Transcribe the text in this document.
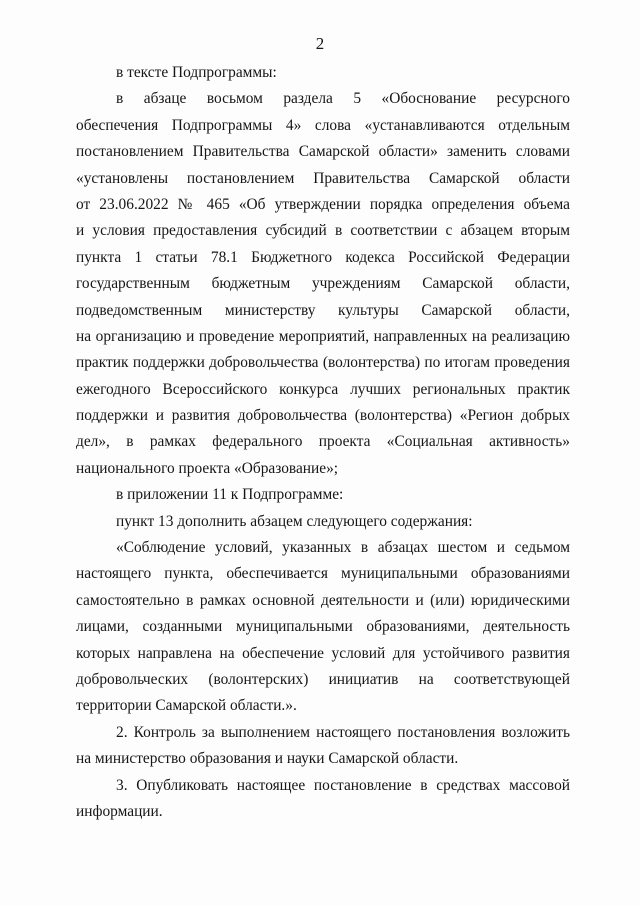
2
в тексте Подпрограммы:
в абзаце восьмом раздела 5 «Обоснование ресурсного
обеспечения Подпрограммы 4» слова «устанавливаются отдельным
постановлением Правительства Самарской области» заменить словами
«установлены постановлением Правительства Самарской области
от 23.06.2022 № 465 «Об утверждении порядка определения объема
и условия предоставления субсидий в соответствии с абзацем вторым
пункта 1 статьи 78.1 Бюджетного кодекса Российской Федерации
государственным бюджетным учреждениям Самарской области,
подведомственным министерству культуры Самарской области,
на организацию и проведение мероприятий, направленных на реализацию
практик поддержки добровольчества (волонтерства) по итогам проведения
ежегодного Всероссийского конкурса лучших региональных практик
поддержки и развития добровольчества (волонтерства) «Регион добрых
дел», в рамках федерального проекта «Социальная активность»
национального проекта «Образование»;
в приложении 11 к Подпрограмме:
пункт 13 дополнить абзацем следующего содержания:
«Соблюдение условий, указанных в абзацах шестом и седьмом
настоящего пункта, обеспечивается муниципальными образованиями
самостоятельно в рамках основной деятельности и (или) юридическими
лицами, созданными муниципальными образованиями, деятельность
которых направлена на обеспечение условий для устойчивого развития
добровольческих (волонтерских) инициатив на соответствующей
территории Самарской области.».
2. Контроль за выполнением настоящего постановления возложить
на министерство образования и науки Самарской области.
3. Опубликовать настоящее постановление в средствах массовой
информации.
